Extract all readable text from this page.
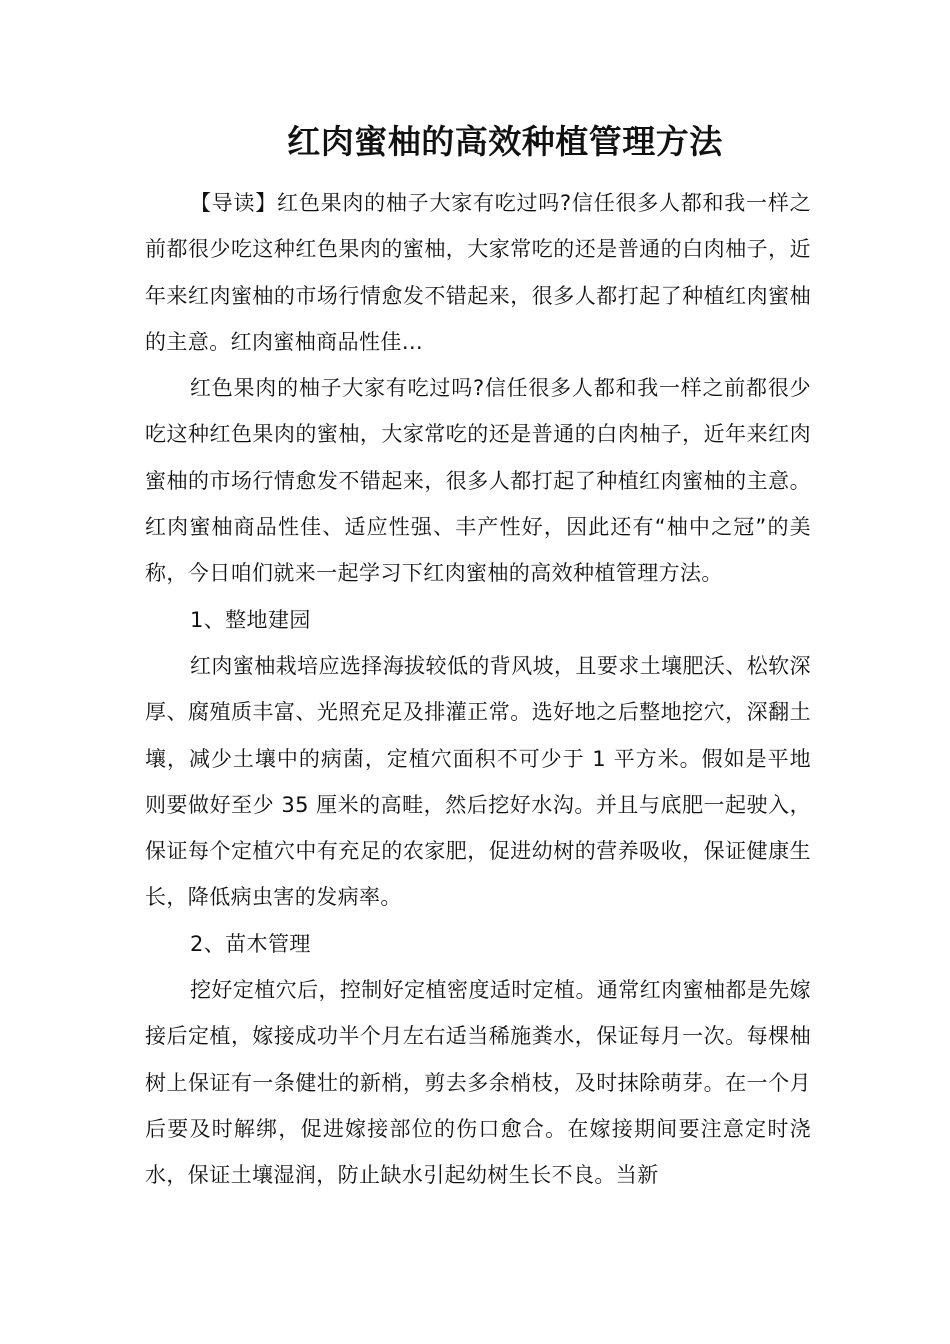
红肉蜜柚的高效种植管理方法

【导读】红色果肉的柚子大家有吃过吗?信任很多人都和我一样之前都很少吃这种红色果肉的蜜柚，大家常吃的还是普通的白肉柚子，近年来红肉蜜柚的市场行情愈发不错起来，很多人都打起了种植红肉蜜柚的主意。红肉蜜柚商品性佳…

红色果肉的柚子大家有吃过吗?信任很多人都和我一样之前都很少吃这种红色果肉的蜜柚，大家常吃的还是普通的白肉柚子，近年来红肉蜜柚的市场行情愈发不错起来，很多人都打起了种植红肉蜜柚的主意。红肉蜜柚商品性佳、适应性强、丰产性好，因此还有“柚中之冠”的美称，今日咱们就来一起学习下红肉蜜柚的高效种植管理方法。

1、整地建园

红肉蜜柚栽培应选择海拔较低的背风坡，且要求土壤肥沃、松软深厚、腐殖质丰富、光照充足及排灌正常。选好地之后整地挖穴，深翻土壤，减少土壤中的病菌，定植穴面积不可少于 1 平方米。假如是平地则要做好至少 35 厘米的高畦，然后挖好水沟。并且与底肥一起驶入，保证每个定植穴中有充足的农家肥，促进幼树的营养吸收，保证健康生长，降低病虫害的发病率。

2、苗木管理

挖好定植穴后，控制好定植密度适时定植。通常红肉蜜柚都是先嫁接后定植，嫁接成功半个月左右适当稀施粪水，保证每月一次。每棵柚树上保证有一条健壮的新梢，剪去多余梢枝，及时抹除萌芽。在一个月后要及时解绑，促进嫁接部位的伤口愈合。在嫁接期间要注意定时浇水，保证土壤湿润，防止缺水引起幼树生长不良。当新
